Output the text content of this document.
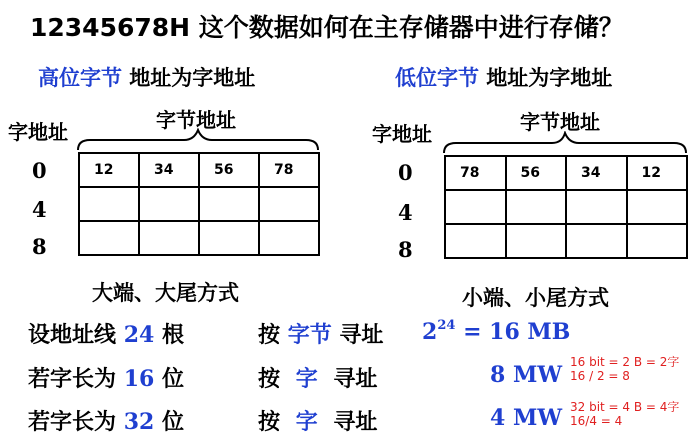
12345678H 这个数据如何在主存储器中进行存储？
高位字节 地址为字地址
字地址	字节地址
0
4
8
12	34	56	78

大端、大尾方式
低位字节 地址为字地址
字地址	字节地址
0
4
8
78	56	34	12

小端、小尾方式
设地址线 24 根	按 字节 寻址 $2^{24} = 16$ MB
若字长为 16 位	按 字 寻址	8 MW 16 bit = 2 B = 2字
16 / 2 = 8
若字长为 32 位	按 字 寻址	4 MW 32 bit = 4 B = 4字
16/4 = 4
